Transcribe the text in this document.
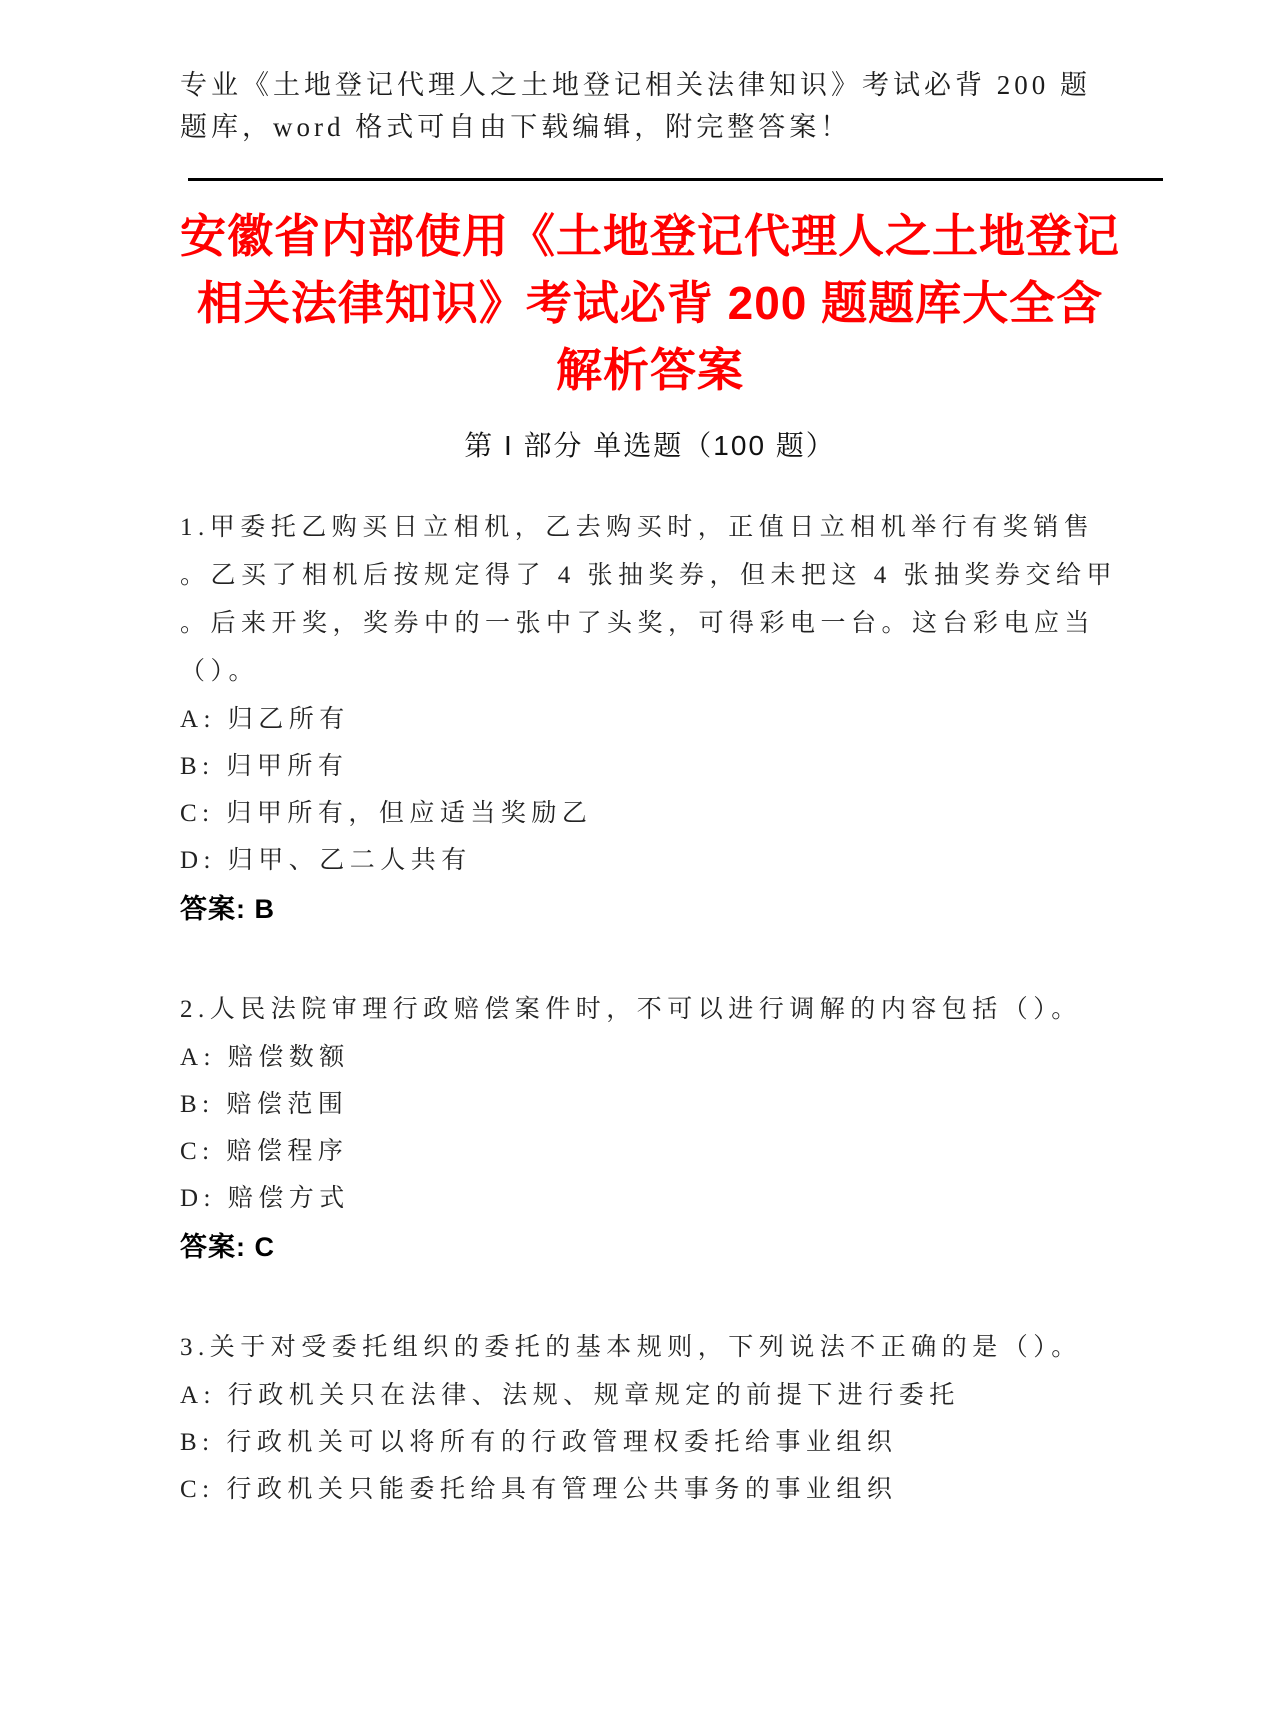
专业《土地登记代理人之土地登记相关法律知识》考试必背 200 题题库，word 格式可自由下载编辑，附完整答案！

安徽省内部使用《土地登记代理人之土地登记相关法律知识》考试必背 200 题题库大全含解析答案
第 I 部分 单选题（100 题）

1.甲委托乙购买日立相机，乙去购买时，正值日立相机举行有奖销售。乙买了相机后按规定得了 4 张抽奖券，但未把这 4 张抽奖券交给甲。后来开奖，奖券中的一张中了头奖，可得彩电一台。这台彩电应当（）。

A: 归乙所有

B: 归甲所有

C: 归甲所有，但应适当奖励乙

D: 归甲、乙二人共有

答案: B

2.人民法院审理行政赔偿案件时，不可以进行调解的内容包括（）。

A: 赔偿数额

B: 赔偿范围

C: 赔偿程序

D: 赔偿方式

答案: C

3.关于对受委托组织的委托的基本规则，下列说法不正确的是（）。

A: 行政机关只在法律、法规、规章规定的前提下进行委托

B: 行政机关可以将所有的行政管理权委托给事业组织

C: 行政机关只能委托给具有管理公共事务的事业组织
